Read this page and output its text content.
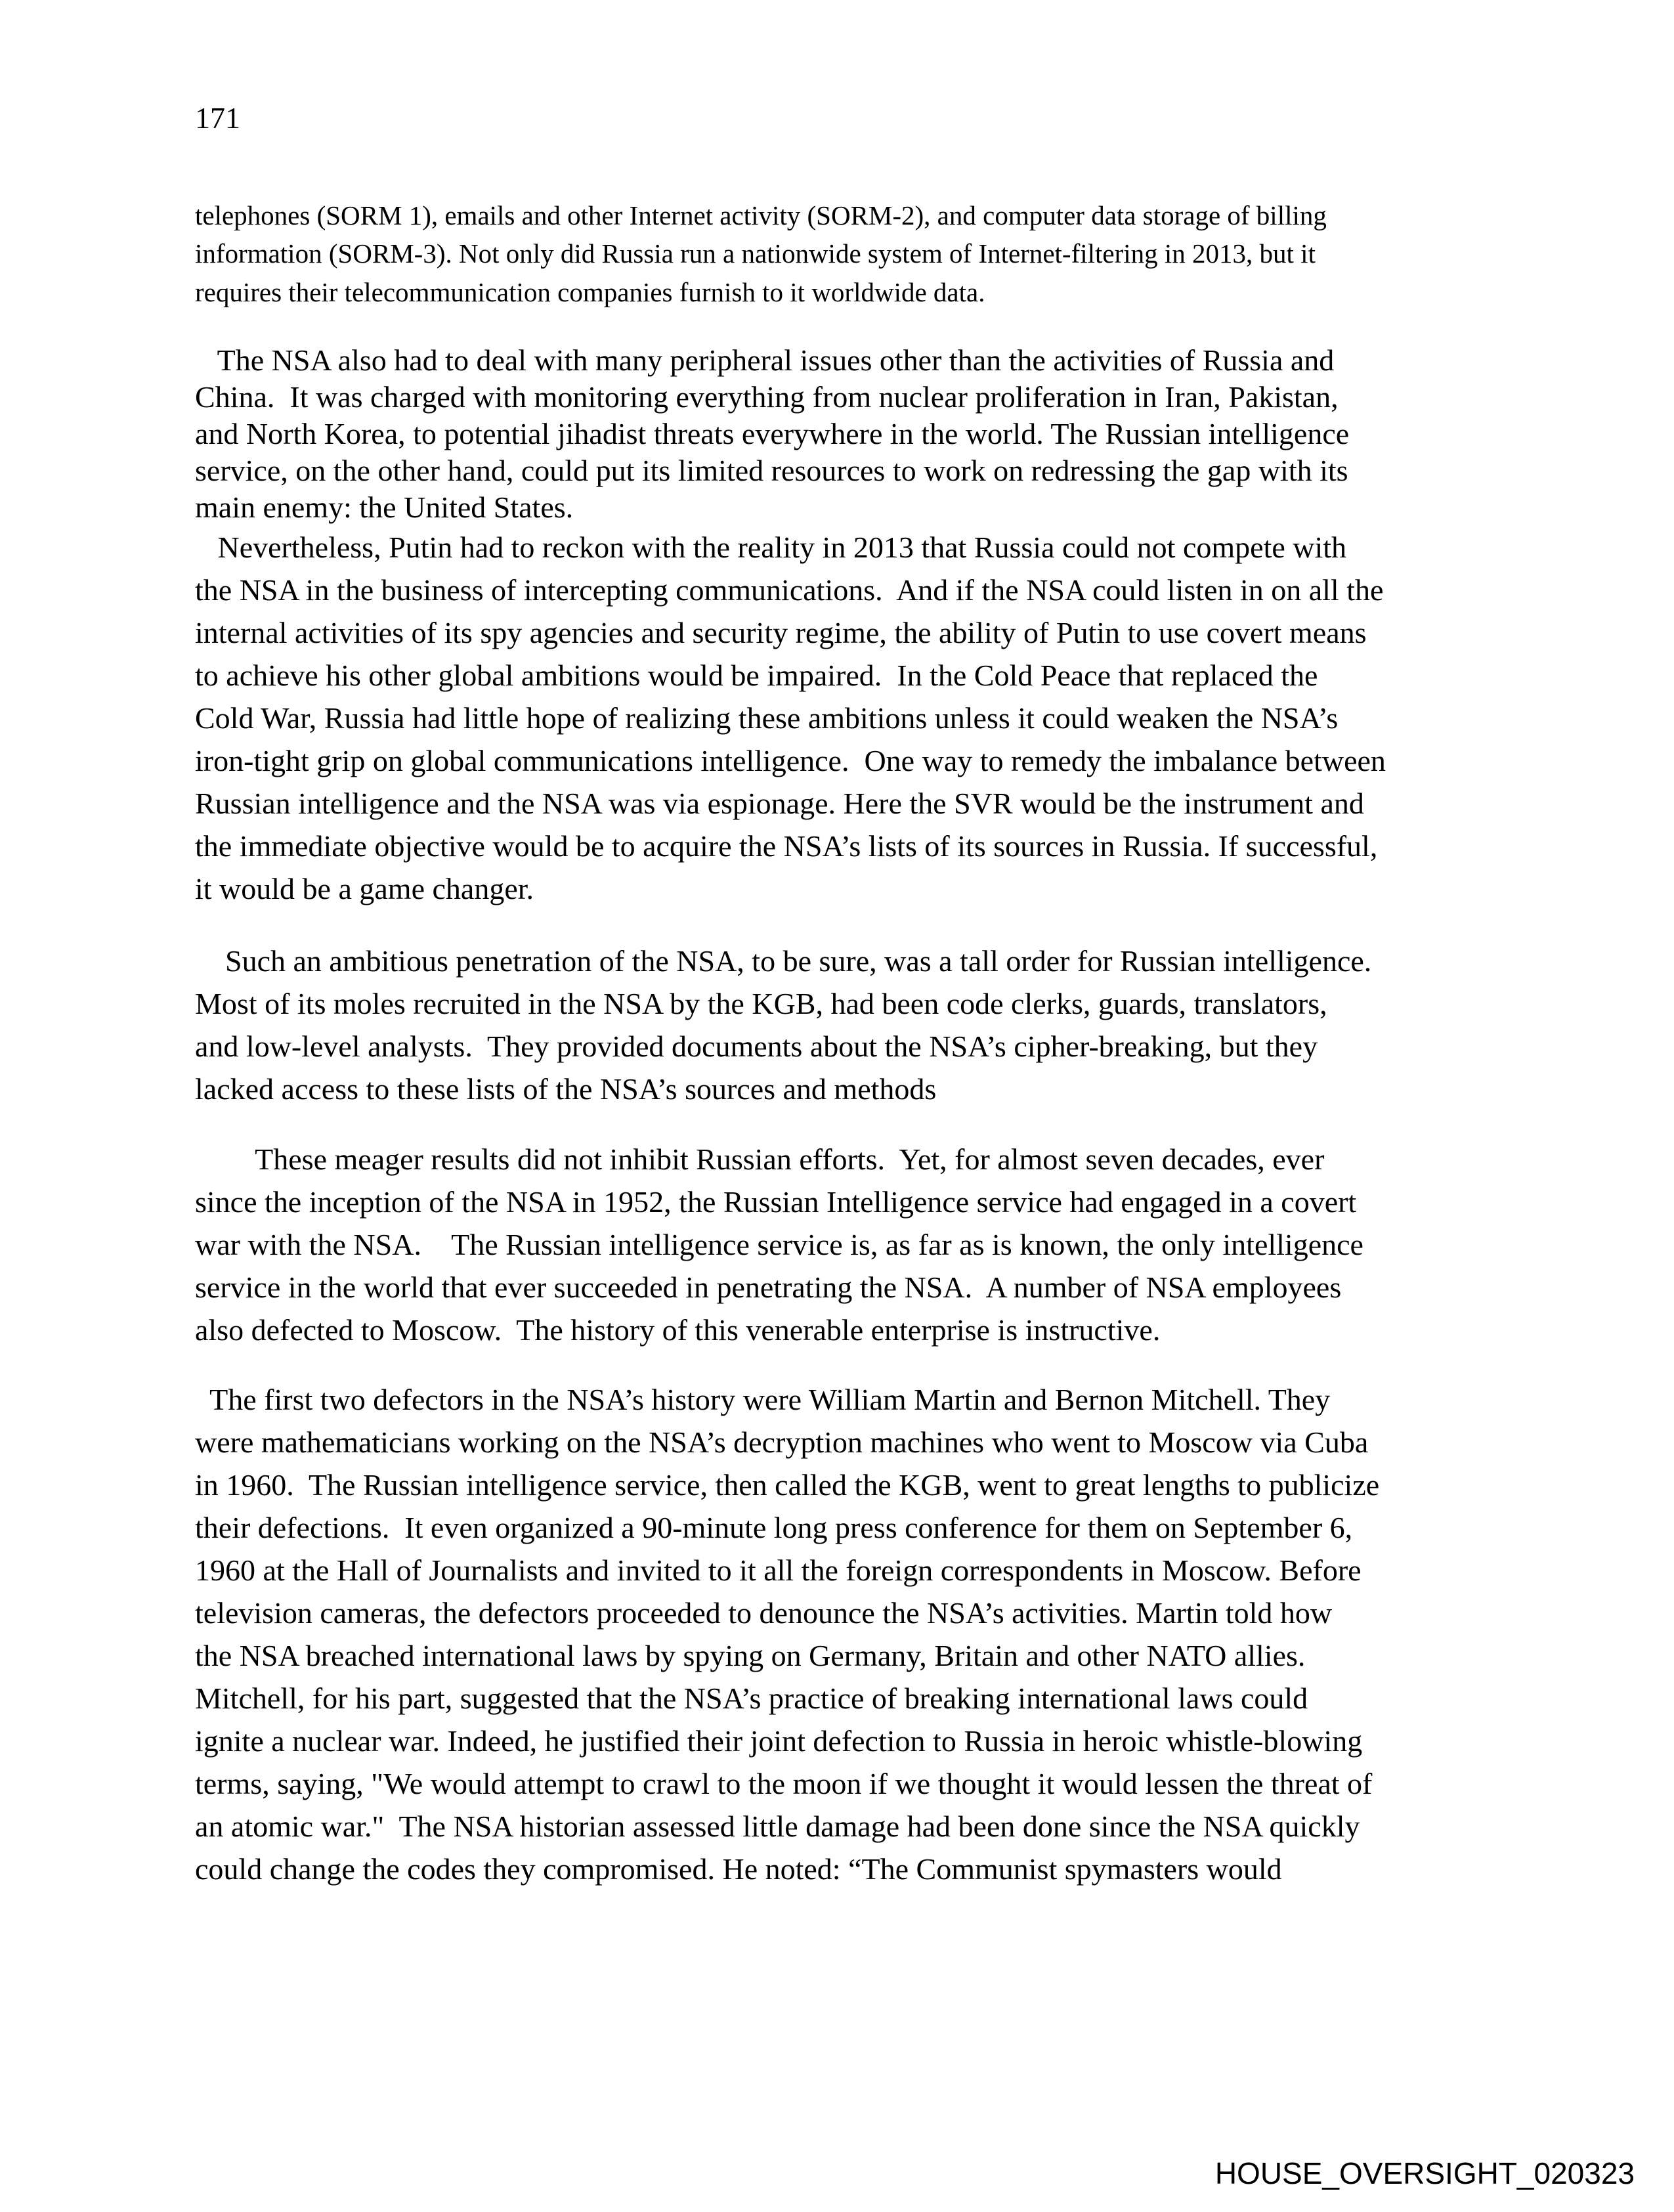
171
telephones (SORM 1), emails and other Internet activity (SORM-2), and computer data storage of billing
information (SORM-3). Not only did Russia run a nationwide system of Internet-filtering in 2013, but it
requires their telecommunication companies furnish to it worldwide data.
The NSA also had to deal with many peripheral issues other than the activities of Russia and
China.  It was charged with monitoring everything from nuclear proliferation in Iran, Pakistan,
and North Korea, to potential jihadist threats everywhere in the world. The Russian intelligence
service, on the other hand, could put its limited resources to work on redressing the gap with its
main enemy: the United States.
Nevertheless, Putin had to reckon with the reality in 2013 that Russia could not compete with
the NSA in the business of intercepting communications.  And if the NSA could listen in on all the
internal activities of its spy agencies and security regime, the ability of Putin to use covert means
to achieve his other global ambitions would be impaired.  In the Cold Peace that replaced the
Cold War, Russia had little hope of realizing these ambitions unless it could weaken the NSA’s
iron-tight grip on global communications intelligence.  One way to remedy the imbalance between
Russian intelligence and the NSA was via espionage. Here the SVR would be the instrument and
the immediate objective would be to acquire the NSA’s lists of its sources in Russia. If successful,
it would be a game changer.
Such an ambitious penetration of the NSA, to be sure, was a tall order for Russian intelligence.
Most of its moles recruited in the NSA by the KGB, had been code clerks, guards, translators,
and low-level analysts.  They provided documents about the NSA’s cipher-breaking, but they
lacked access to these lists of the NSA’s sources and methods
These meager results did not inhibit Russian efforts.  Yet, for almost seven decades, ever
since the inception of the NSA in 1952, the Russian Intelligence service had engaged in a covert
war with the NSA.    The Russian intelligence service is, as far as is known, the only intelligence
service in the world that ever succeeded in penetrating the NSA.  A number of NSA employees
also defected to Moscow.  The history of this venerable enterprise is instructive.
The first two defectors in the NSA’s history were William Martin and Bernon Mitchell. They
were mathematicians working on the NSA’s decryption machines who went to Moscow via Cuba
in 1960.  The Russian intelligence service, then called the KGB, went to great lengths to publicize
their defections.  It even organized a 90-minute long press conference for them on September 6,
1960 at the Hall of Journalists and invited to it all the foreign correspondents in Moscow. Before
television cameras, the defectors proceeded to denounce the NSA’s activities. Martin told how
the NSA breached international laws by spying on Germany, Britain and other NATO allies.
Mitchell, for his part, suggested that the NSA’s practice of breaking international laws could
ignite a nuclear war. Indeed, he justified their joint defection to Russia in heroic whistle-blowing
terms, saying, "We would attempt to crawl to the moon if we thought it would lessen the threat of
an atomic war."  The NSA historian assessed little damage had been done since the NSA quickly
could change the codes they compromised. He noted: “The Communist spymasters would
HOUSE_OVERSIGHT_020323
